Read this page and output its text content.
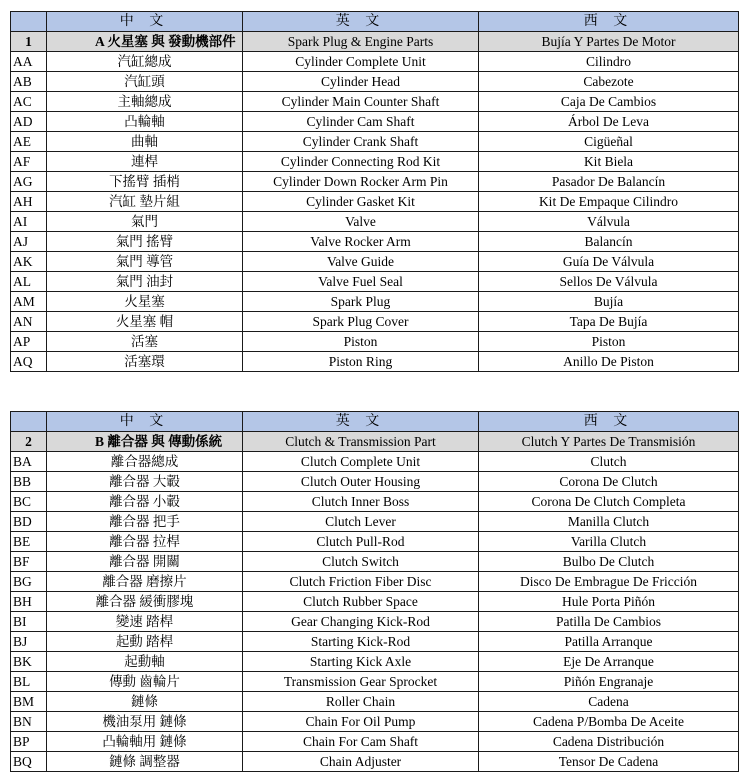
	中 文	英 文	西 文
1	A 火星塞 與 發動機部件	Spark Plug & Engine Parts	Bujía Y Partes De Motor
AA	汽缸總成	Cylinder Complete Unit	Cilindro
AB	汽缸頭	Cylinder Head	Cabezote
AC	主軸總成	Cylinder Main Counter Shaft	Caja De Cambios
AD	凸輪軸	Cylinder Cam Shaft	Árbol De Leva
AE	曲軸	Cylinder Crank Shaft	Cigüeñal
AF	連桿	Cylinder Connecting Rod Kit	Kit Biela
AG	下搖臂 插梢	Cylinder Down Rocker Arm Pin	Pasador De Balancín
AH	汽缸 墊片組	Cylinder Gasket Kit	Kit De Empaque Cilindro
AI	氣門	Valve	Válvula
AJ	氣門 搖臂	Valve Rocker Arm	Balancín
AK	氣門 導管	Valve Guide	Guía De Válvula
AL	氣門 油封	Valve Fuel Seal	Sellos De Válvula
AM	火星塞	Spark Plug	Bujía
AN	火星塞 帽	Spark Plug Cover	Tapa De Bujía
AP	活塞	Piston	Piston
AQ	活塞環	Piston Ring	Anillo De Piston
	中 文	英 文	西 文
2	B 離合器 與 傳動係統	Clutch & Transmission Part	Clutch Y Partes De Transmisión
BA	離合器總成	Clutch Complete Unit	Clutch
BB	離合器 大轂	Clutch Outer Housing	Corona De Clutch
BC	離合器 小轂	Clutch Inner Boss	Corona De Clutch Completa
BD	離合器 把手	Clutch Lever	Manilla Clutch
BE	離合器 拉桿	Clutch Pull-Rod	Varilla Clutch
BF	離合器 開關	Clutch Switch	Bulbo De Clutch
BG	離合器 磨擦片	Clutch Friction Fiber Disc	Disco De Embrague De Fricción
BH	離合器 緩衝膠塊	Clutch Rubber Space	Hule Porta Piñón
BI	變速 踏桿	Gear Changing Kick-Rod	Patilla De Cambios
BJ	起動 踏桿	Starting Kick-Rod	Patilla Arranque
BK	起動軸	Starting Kick Axle	Eje De Arranque
BL	傳動 齒輪片	Transmission Gear Sprocket	Piñón Engranaje
BM	鏈條	Roller Chain	Cadena
BN	機油泵用 鏈條	Chain For Oil Pump	Cadena P/Bomba De Aceite
BP	凸輪軸用 鏈條	Chain For Cam Shaft	Cadena Distribución
BQ	鏈條 調整器	Chain Adjuster	Tensor De Cadena
